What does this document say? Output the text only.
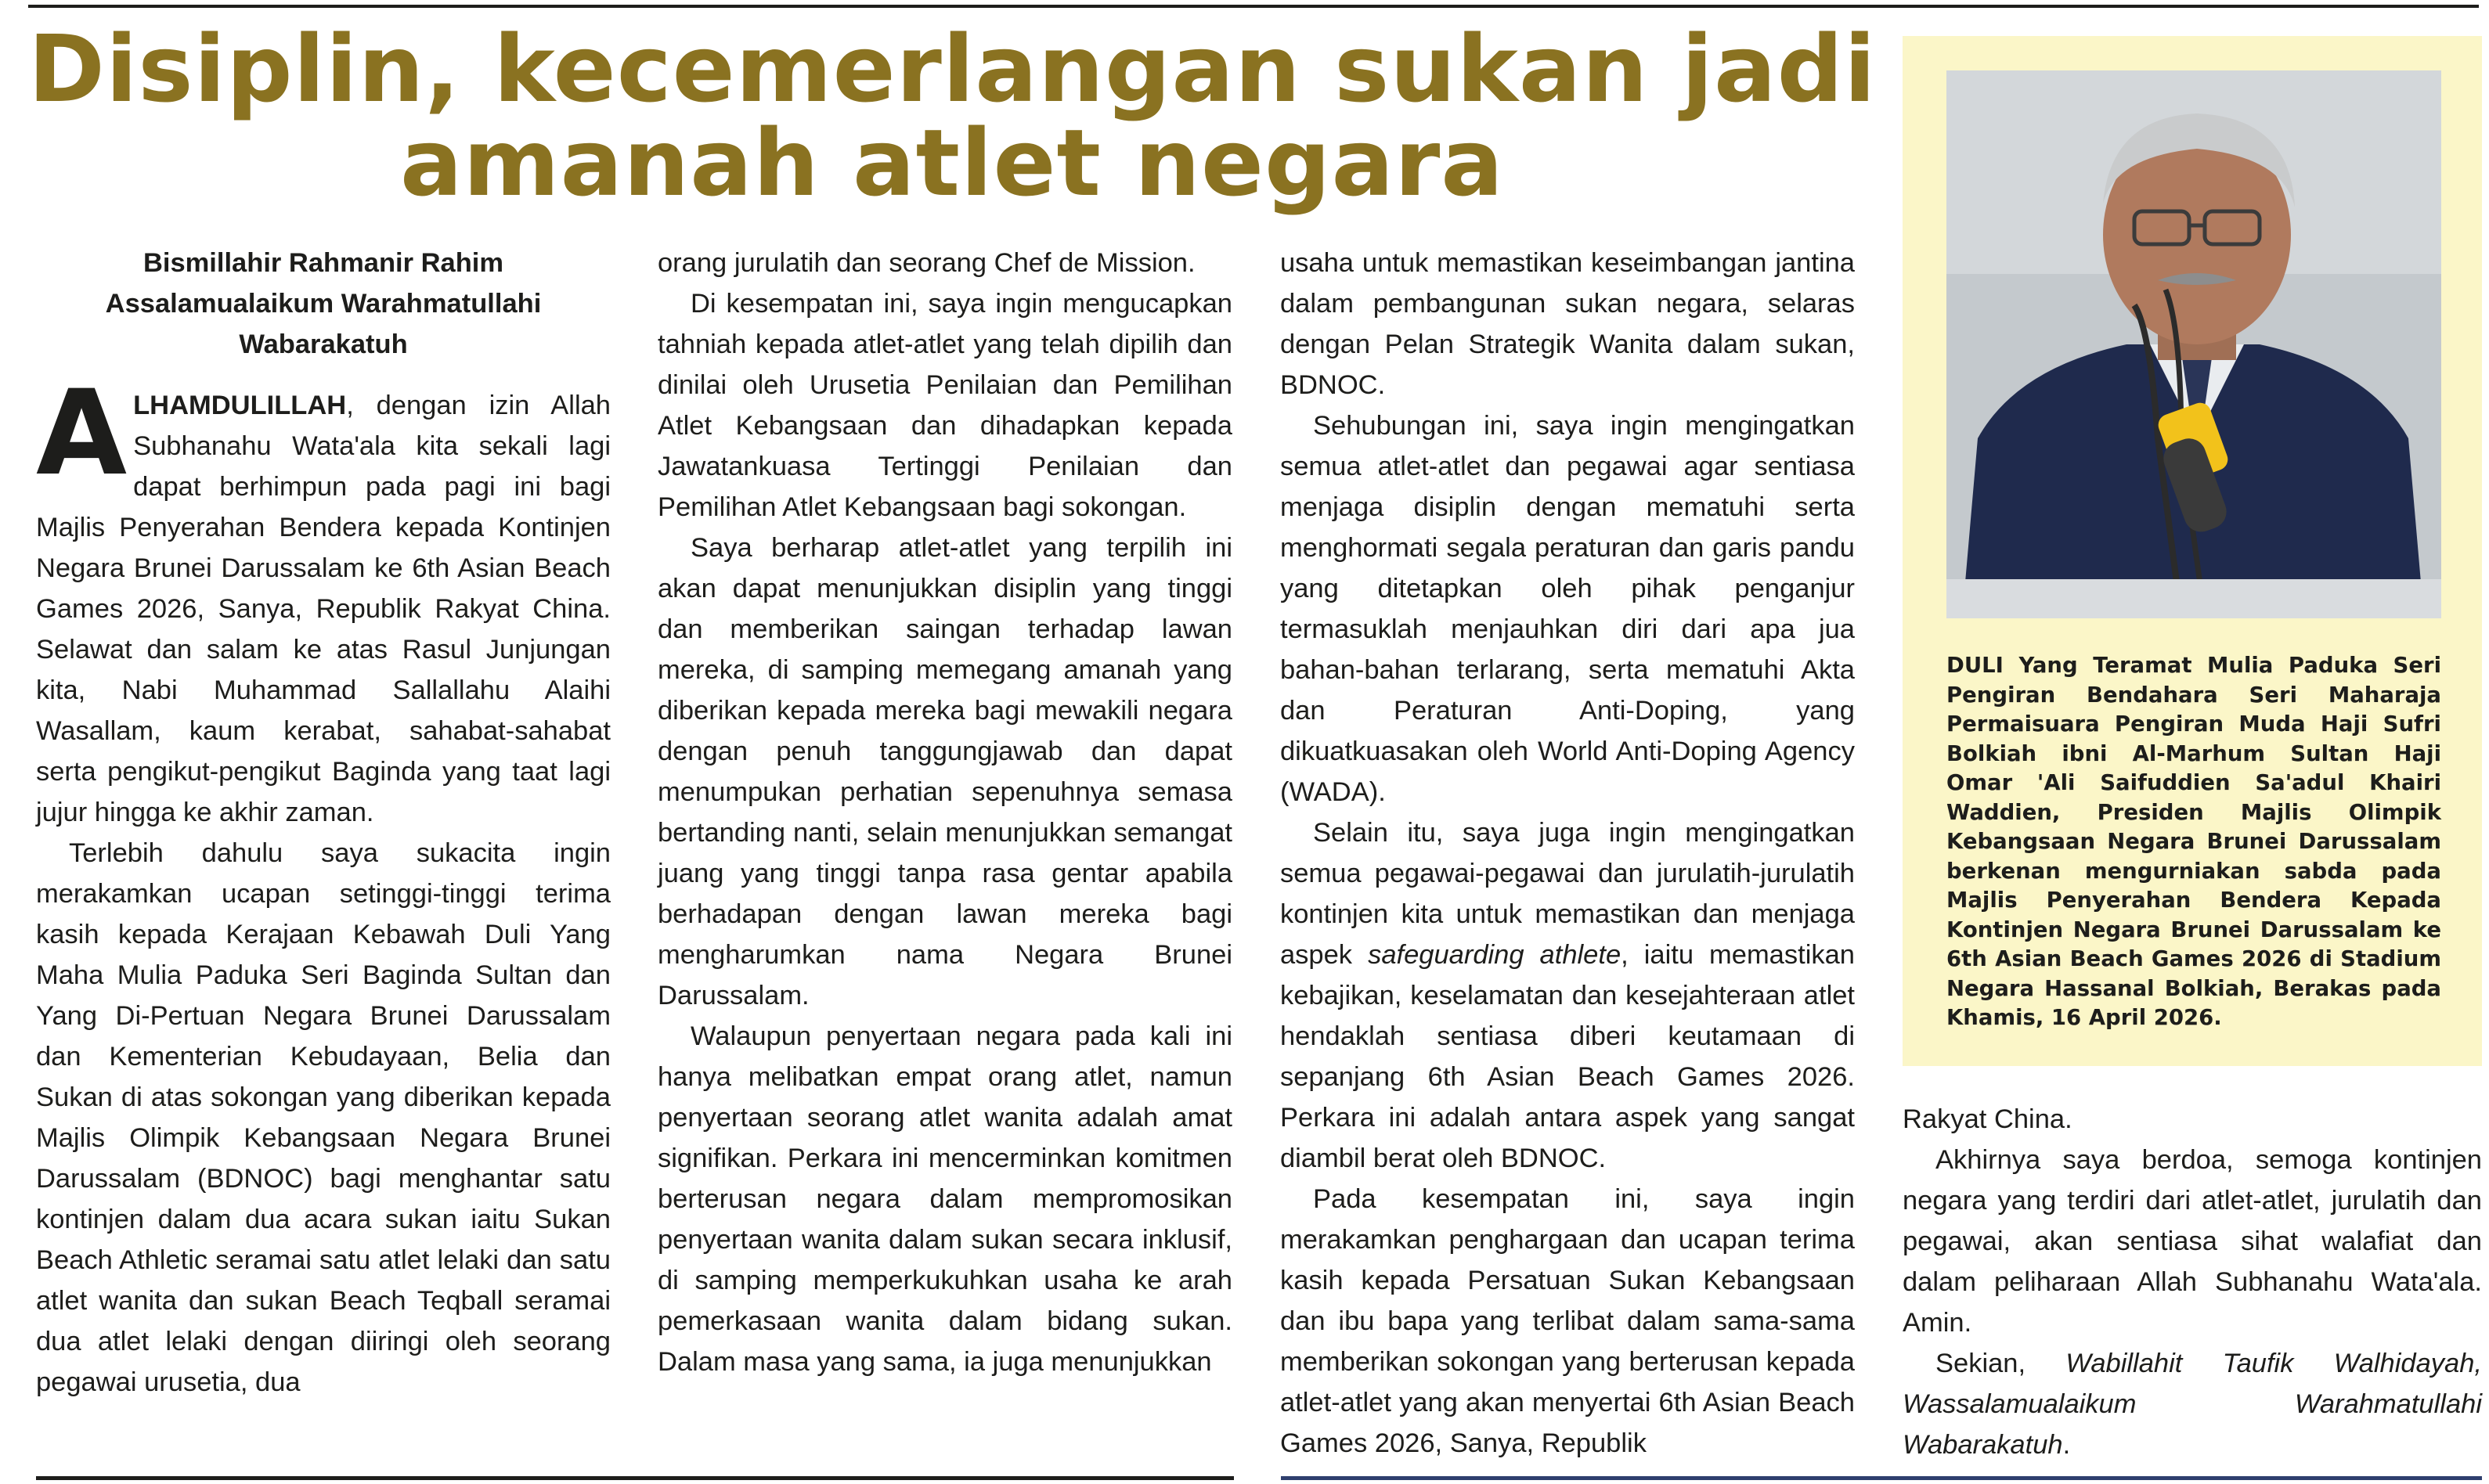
Disiplin, kecemerlangan sukan jadi
amanah atlet negara
Bismillahir Rahmanir Rahim
Assalamualaikum Warahmatullahi
Wabarakatuh

ALHAMDULILLAH, dengan izin Allah Subhanahu Wata'ala kita sekali lagi dapat berhimpun pada pagi ini bagi Majlis Penyerahan Bendera kepada Kontinjen Negara Brunei Darussalam ke 6th Asian Beach Games 2026, Sanya, Republik Rakyat China. Selawat dan salam ke atas Rasul Junjungan kita, Nabi Muhammad Sallallahu Alaihi Wasallam, kaum kerabat, sahabat-sahabat serta pengikut-pengikut Baginda yang taat lagi jujur hingga ke akhir zaman.

Terlebih dahulu saya sukacita ingin merakamkan ucapan setinggi-tinggi terima kasih kepada Kerajaan Kebawah Duli Yang Maha Mulia Paduka Seri Baginda Sultan dan Yang Di-Pertuan Negara Brunei Darussalam dan Kementerian Kebudayaan, Belia dan Sukan di atas sokongan yang diberikan kepada Majlis Olimpik Kebangsaan Negara Brunei Darussalam (BDNOC) bagi menghantar satu kontinjen dalam dua acara sukan iaitu Sukan Beach Athletic seramai satu atlet lelaki dan satu atlet wanita dan sukan Beach Teqball seramai dua atlet lelaki dengan diiringi oleh seorang pegawai urusetia, dua

orang jurulatih dan seorang Chef de Mission.

Di kesempatan ini, saya ingin mengucapkan tahniah kepada atlet-atlet yang telah dipilih dan dinilai oleh Urusetia Penilaian dan Pemilihan Atlet Kebangsaan dan dihadapkan kepada Jawatankuasa Tertinggi Penilaian dan Pemilihan Atlet Kebangsaan bagi sokongan.

Saya berharap atlet-atlet yang terpilih ini akan dapat menunjukkan disiplin yang tinggi dan memberikan saingan terhadap lawan mereka, di samping memegang amanah yang diberikan kepada mereka bagi mewakili negara dengan penuh tanggungjawab dan dapat menumpukan perhatian sepenuhnya semasa bertanding nanti, selain menunjukkan semangat juang yang tinggi tanpa rasa gentar apabila berhadapan dengan lawan mereka bagi mengharumkan nama Negara Brunei Darussalam.

Walaupun penyertaan negara pada kali ini hanya melibatkan empat orang atlet, namun penyertaan seorang atlet wanita adalah amat signifikan. Perkara ini mencerminkan komitmen berterusan negara dalam mempromosikan penyertaan wanita dalam sukan secara inklusif, di samping memperkukuhkan usaha ke arah pemerkasaan wanita dalam bidang sukan. Dalam masa yang sama, ia juga menunjukkan

usaha untuk memastikan keseimbangan jantina dalam pembangunan sukan negara, selaras dengan Pelan Strategik Wanita dalam sukan, BDNOC.

Sehubungan ini, saya ingin mengingatkan semua atlet-atlet dan pegawai agar sentiasa menjaga disiplin dengan mematuhi serta menghormati segala peraturan dan garis pandu yang ditetapkan oleh pihak penganjur termasuklah menjauhkan diri dari apa jua bahan-bahan terlarang, serta mematuhi Akta dan Peraturan Anti-Doping, yang dikuatkuasakan oleh World Anti-Doping Agency (WADA).

Selain itu, saya juga ingin mengingatkan semua pegawai-pegawai dan jurulatih-jurulatih kontinjen kita untuk memastikan dan menjaga aspek safeguarding athlete, iaitu memastikan kebajikan, keselamatan dan kesejahteraan atlet hendaklah sentiasa diberi keutamaan di sepanjang 6th Asian Beach Games 2026. Perkara ini adalah antara aspek yang sangat diambil berat oleh BDNOC.

Pada kesempatan ini, saya ingin merakamkan penghargaan dan ucapan terima kasih kepada Persatuan Sukan Kebangsaan dan ibu bapa yang terlibat dalam sama-sama memberikan sokongan yang berterusan kepada atlet-atlet yang akan menyertai 6th Asian Beach Games 2026, Sanya, Republik

DULI Yang Teramat Mulia Paduka Seri Pengiran Bendahara Seri Maharaja Permaisuara Pengiran Muda Haji Sufri Bolkiah ibni Al-Marhum Sultan Haji Omar 'Ali Saifuddien Sa'adul Khairi Waddien, Presiden Majlis Olimpik Kebangsaan Negara Brunei Darussalam berkenan mengurniakan sabda pada Majlis Penyerahan Bendera Kepada Kontinjen Negara Brunei Darussalam ke 6th Asian Beach Games 2026 di Stadium Negara Hassanal Bolkiah, Berakas pada Khamis, 16 April 2026.

Rakyat China.

Akhirnya saya berdoa, semoga kontinjen negara yang terdiri dari atlet-atlet, jurulatih dan pegawai, akan sentiasa sihat walafiat dan dalam peliharaan Allah Subhanahu Wata'ala. Amin.

Sekian, Wabillahit Taufik Walhidayah, Wassalamualaikum Warahmatullahi Wabarakatuh.
